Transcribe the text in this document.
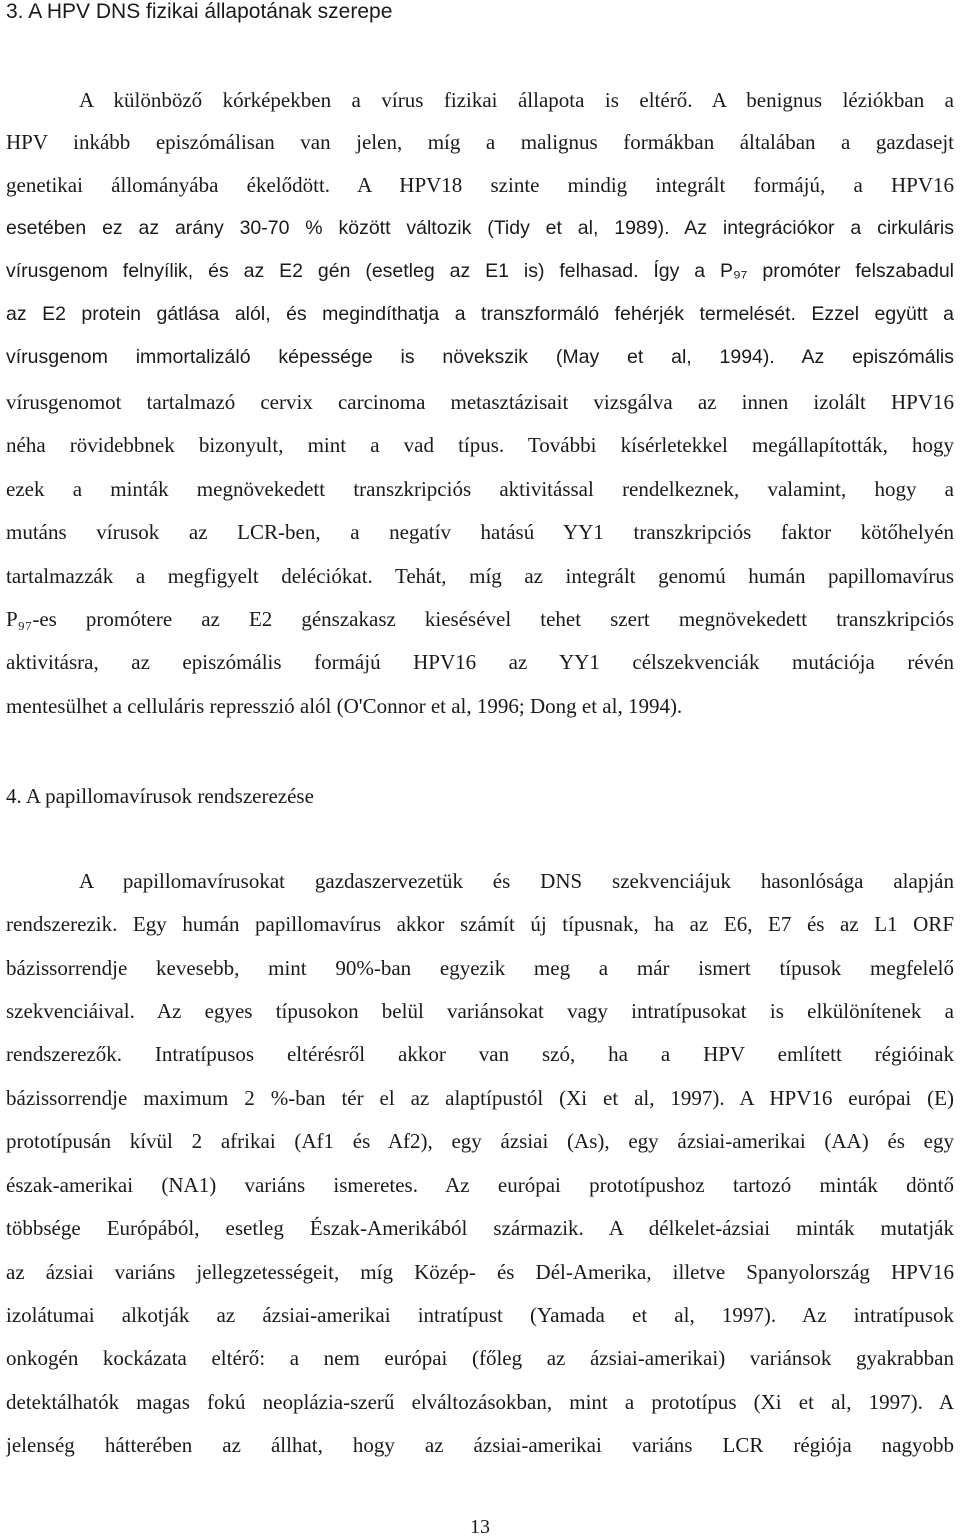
3. A HPV DNS fizikai állapotának szerepe
A különböző kórképekben a vírus fizikai állapota is eltérő. A benignus léziókban a
HPV inkább episzómálisan van jelen, míg a malignus formákban általában a gazdasejt
genetikai állományába ékelődött. A HPV18 szinte mindig integrált formájú, a HPV16
esetében ez az arány 30-70 % között változik (Tidy et al, 1989). Az integrációkor a cirkuláris
vírusgenom felnyílik, és az E2 gén (esetleg az E1 is) felhasad. Így a P₉₇ promóter felszabadul
az E2 protein gátlása alól, és megindíthatja a transzformáló fehérjék termelését. Ezzel együtt a
vírusgenom immortalizáló képessége is növekszik (May et al, 1994). Az episzómális
vírusgenomot tartalmazó cervix carcinoma metasztázisait vizsgálva az innen izolált HPV16
néha rövidebbnek bizonyult, mint a vad típus. További kísérletekkel megállapították, hogy
ezek a minták megnövekedett transzkripciós aktivitással rendelkeznek, valamint, hogy a
mutáns vírusok az LCR-ben, a negatív hatású YY1 transzkripciós faktor kötőhelyén
tartalmazzák a megfigyelt deléciókat. Tehát, míg az integrált genomú humán papillomavírus
P₉₇-es promótere az E2 génszakasz kiesésével tehet szert megnövekedett transzkripciós
aktivitásra, az episzómális formájú HPV16 az YY1 célszekvenciák mutációja révén
mentesülhet a celluláris represszió alól (O'Connor et al, 1996; Dong et al, 1994).
4. A papillomavírusok rendszerezése
A papillomavírusokat gazdaszervezetük és DNS szekvenciájuk hasonlósága alapján
rendszerezik. Egy humán papillomavírus akkor számít új típusnak, ha az E6, E7 és az L1 ORF
bázissorrendje kevesebb, mint 90%-ban egyezik meg a már ismert típusok megfelelő
szekvenciáival. Az egyes típusokon belül variánsokat vagy intratípusokat is elkülönítenek a
rendszerezők. Intratípusos eltérésről akkor van szó, ha a HPV említett régióinak
bázissorrendje maximum 2 %-ban tér el az alaptípustól (Xi et al, 1997). A HPV16 európai (E)
prototípusán kívül 2 afrikai (Af1 és Af2), egy ázsiai (As), egy ázsiai-amerikai (AA) és egy
észak-amerikai (NA1) variáns ismeretes. Az európai prototípushoz tartozó minták döntő
többsége Európából, esetleg Észak-Amerikából származik. A délkelet-ázsiai minták mutatják
az ázsiai variáns jellegzetességeit, míg Közép- és Dél-Amerika, illetve Spanyolország HPV16
izolátumai alkotják az ázsiai-amerikai intratípust (Yamada et al, 1997). Az intratípusok
onkogén kockázata eltérő: a nem európai (főleg az ázsiai-amerikai) variánsok gyakrabban
detektálhatók magas fokú neoplázia-szerű elváltozásokban, mint a prototípus (Xi et al, 1997). A
jelenség hátterében az állhat, hogy az ázsiai-amerikai variáns LCR régiója nagyobb
13
